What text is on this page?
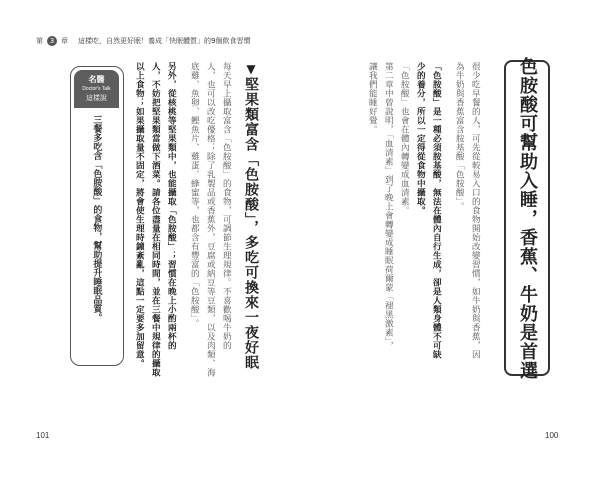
第 3 章 這樣吃，自然更好眠！養成「快眠體質」的9個飲食習慣
色胺酸可幫助入睡，香蕉、牛奶是首選
很少吃早餐的人，可先從較易入口的食物開始改變習慣，如牛奶與香蕉，因
為牛奶與香蕉富含胺基酸「色胺酸」。
「色胺酸」是一種必須胺基酸，無法在體內自行生成，卻是人類身體不可缺
少的養分，所以一定得從食物中攝取。
「色胺酸」也會在體內轉變成血清素。
第二章中曾說明，「血清素」到了晚上會轉變成睡眠荷爾蒙「褪黑激素」，
讓我們能睡好覺。
▼堅果類富含「色胺酸」，多吃可換來一夜好眠
每天早上攝取富含「色胺酸」的食物，可調節生理規律。不喜歡喝牛奶的
人，也可以改吃優格；除了乳製品或香蕉外，豆腐或納豆等豆類，以及肉類、海
底雞、魚卵、鰹魚片、雞蛋、蜂蜜等，也都含有豐富的「色胺酸」。
另外，從核桃等堅果類中，也能攝取「色胺酸」；習慣在晚上小酌兩杯的
人，不妨把堅果類當做下酒菜。請各位盡量在相同時間，並在三餐中規律的攝取
以上食物；如果攝取量不固定，將會使生理時鐘紊亂，這點一定要多加留意。
名醫
Doctor's Talk
這樣說
三餐多吃含「色胺酸」的食物，幫助提升睡眠品質。
101	100
